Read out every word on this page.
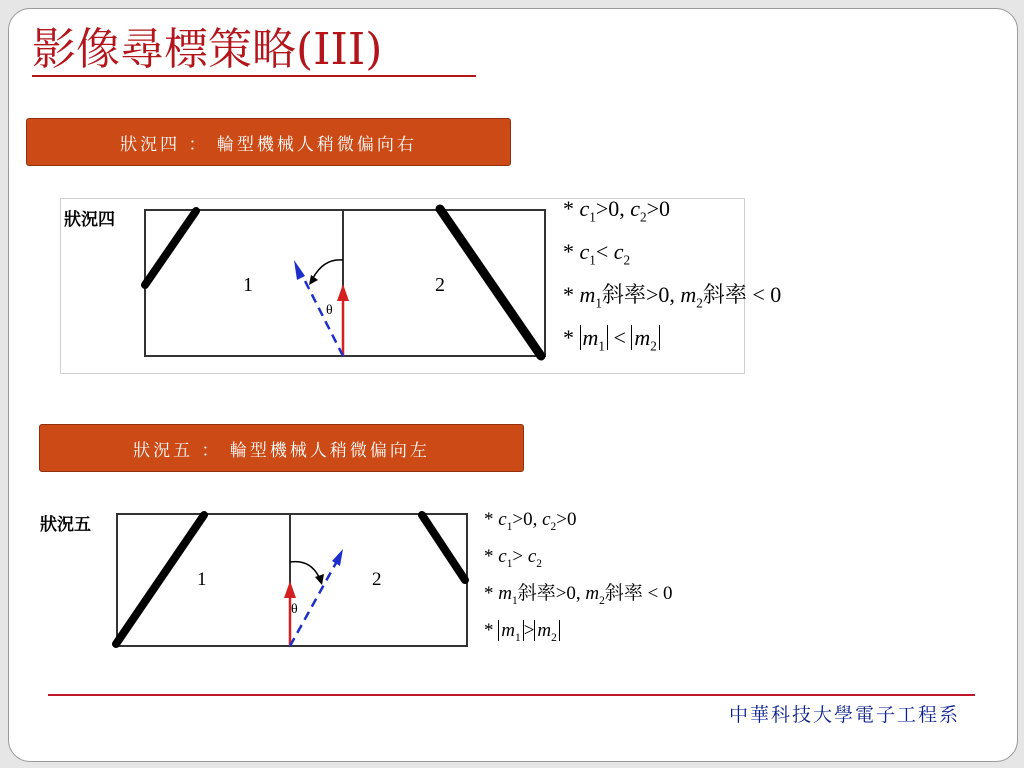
影像尋標策略(III)
狀況四 ： 輪型機械人稍微偏向右
狀況四
1	2
θ
* $c_1>0$, $c_2>0$
* $c_1< c_2$
* $m_1$斜率>0, $m_2$斜率 < 0
* $m_1 < m_2$
狀況五 ： 輪型機械人稍微偏向左
狀況五
1	2
θ
* $c_1>0$, $c_2>0$
* $c_1> c_2$
* $m_1$斜率>0, $m_2$斜率 < 0
* $m_1 > m_2$
中華科技大學電子工程系
